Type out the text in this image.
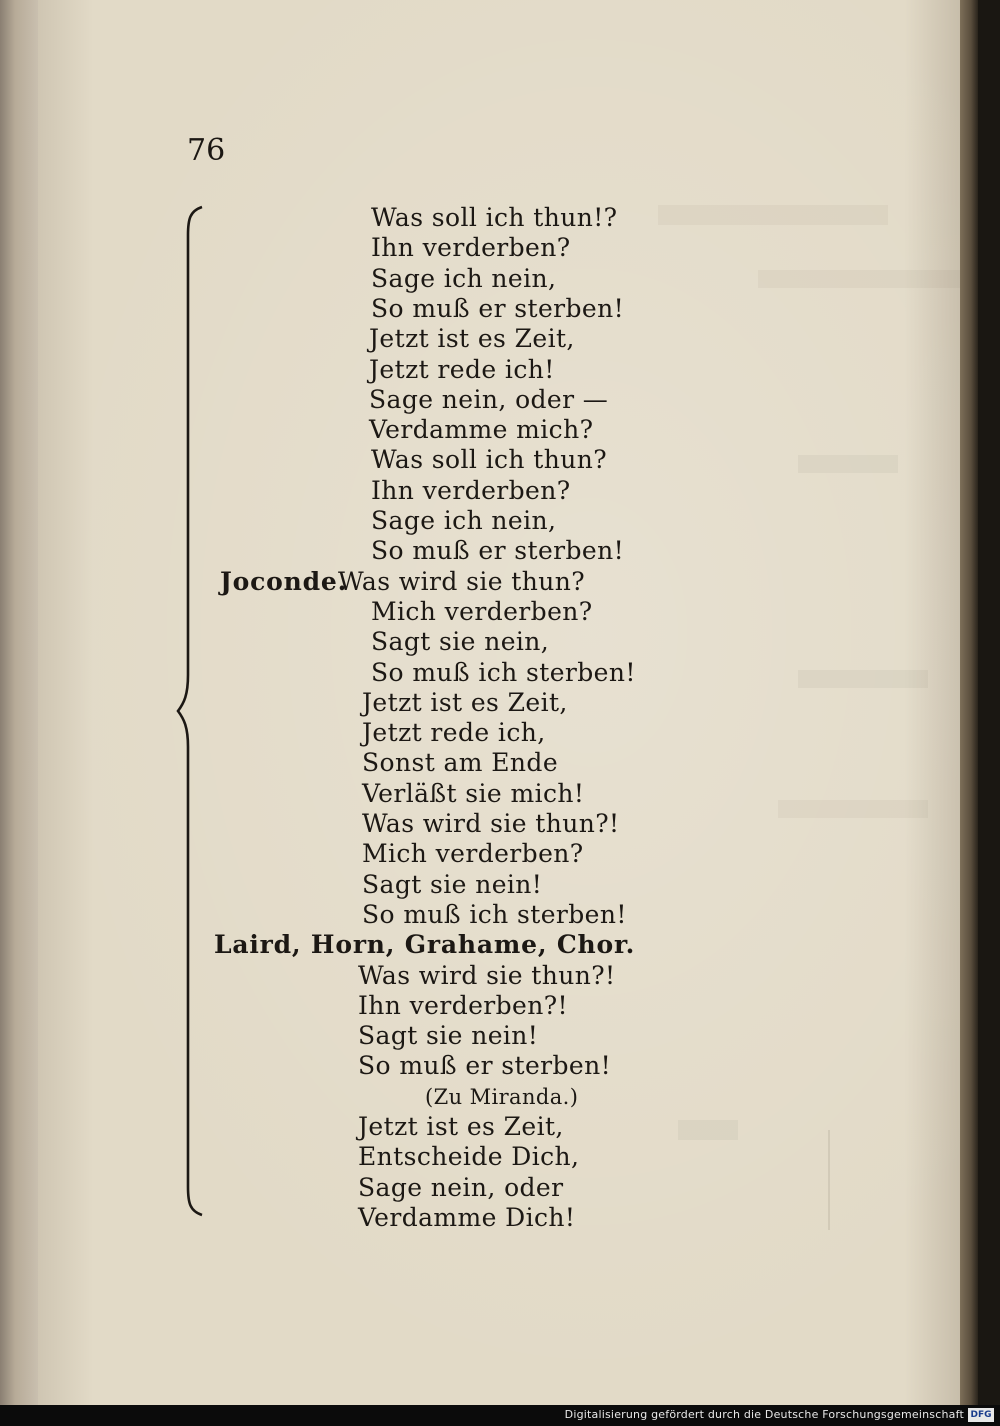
76
Was soll ich thun!?
Ihn verderben?
Sage ich nein,
So muß er sterben!
Jetzt ist es Zeit,
Jetzt rede ich!
Sage nein, oder —
Verdamme mich?
Was soll ich thun?
Ihn verderben?
Sage ich nein,
So muß er sterben!
Joconde.
Was wird sie thun?
Mich verderben?
Sagt sie nein,
So muß ich sterben!
Jetzt ist es Zeit,
Jetzt rede ich,
Sonst am Ende
Verläßt sie mich!
Was wird sie thun?!
Mich verderben?
Sagt sie nein!
So muß ich sterben!
Laird, Horn, Grahame, Chor.
Was wird sie thun?!
Ihn verderben?!
Sagt sie nein!
So muß er sterben!
(Zu Miranda.)
Jetzt ist es Zeit,
Entscheide Dich,
Sage nein, oder
Verdamme Dich!
Digitalisierung gefördert durch die Deutsche Forschungsgemeinschaft DFG
